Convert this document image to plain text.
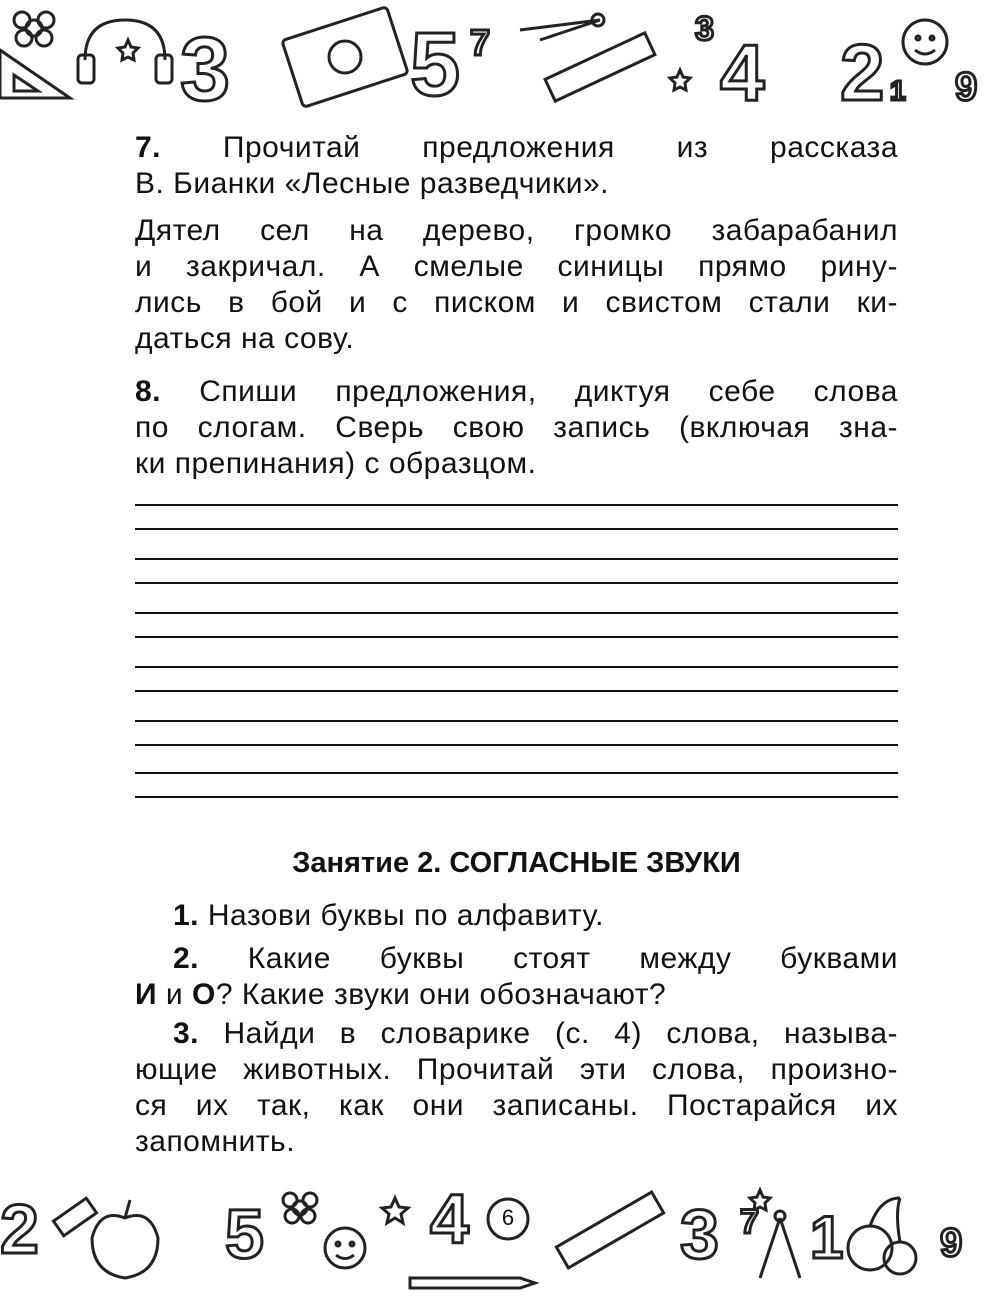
3 5 7	3 4 2 9
1
7. Прочитай предложения из рассказа
В. Бианки «Лесные разведчики».
Дятел сел на дерево, громко забарабанил
и закричал. А смелые синицы прямо рину-
лись в бой и с писком и свистом стали ки-
даться на сову.
8. Спиши предложения, диктуя себе слова
по слогам. Сверь свою запись (включая зна-
ки препинания) с образцом.
Занятие 2. СОГЛАСНЫЕ ЗВУКИ
1. Назови буквы по алфавиту.
2. Какие буквы стоят между буквами
И и О? Какие звуки они обозначают?
3. Найди в словарике (с. 4) слова, называ-
ющие животных. Прочитай эти слова, произно-
ся их так, как они записаны. Постарайся их
запомнить.
2	5 4	3 7 1 9
6
